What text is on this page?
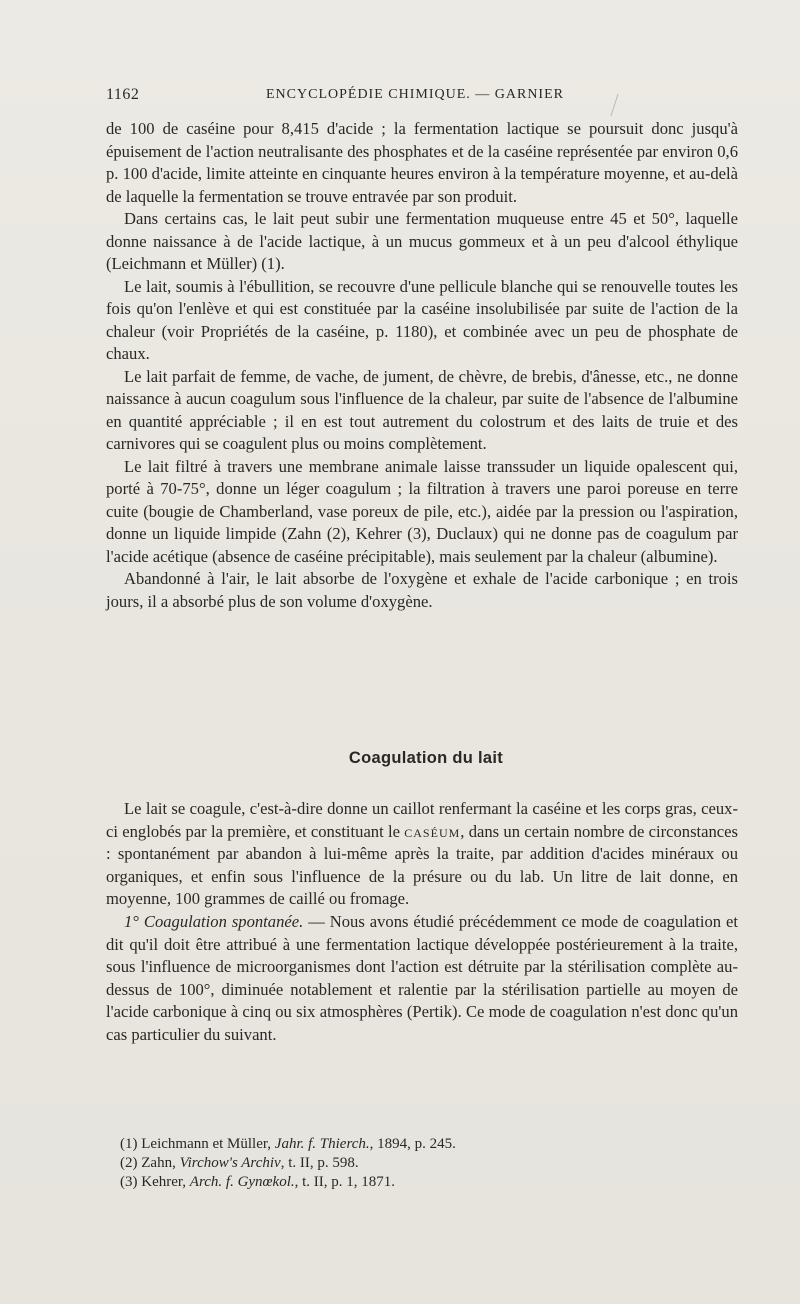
1162	ENCYCLOPÉDIE CHIMIQUE. — GARNIER

de 100 de caséine pour 8,415 d'acide ; la fermentation lactique se poursuit donc jusqu'à épuisement de l'action neutralisante des phosphates et de la caséine représentée par environ 0,6 p. 100 d'acide, limite atteinte en cinquante heures environ à la température moyenne, et au-delà de laquelle la fermentation se trouve entravée par son produit.

Dans certains cas, le lait peut subir une fermentation muqueuse entre 45 et 50°, laquelle donne naissance à de l'acide lactique, à un mucus gommeux et à un peu d'alcool éthylique (Leichmann et Müller) (1).

Le lait, soumis à l'ébullition, se recouvre d'une pellicule blanche qui se renouvelle toutes les fois qu'on l'enlève et qui est constituée par la caséine insolubilisée par suite de l'action de la chaleur (voir Propriétés de la caséine, p. 1180), et combinée avec un peu de phosphate de chaux.

Le lait parfait de femme, de vache, de jument, de chèvre, de brebis, d'ânesse, etc., ne donne naissance à aucun coagulum sous l'influence de la chaleur, par suite de l'absence de l'albumine en quantité appréciable ; il en est tout autrement du colostrum et des laits de truie et des carnivores qui se coagulent plus ou moins complètement.

Le lait filtré à travers une membrane animale laisse transsuder un liquide opalescent qui, porté à 70-75°, donne un léger coagulum ; la filtration à travers une paroi poreuse en terre cuite (bougie de Chamberland, vase poreux de pile, etc.), aidée par la pression ou l'aspiration, donne un liquide limpide (Zahn (2), Kehrer (3), Duclaux) qui ne donne pas de coagulum par l'acide acétique (absence de caséine précipitable), mais seulement par la chaleur (albumine).

Abandonné à l'air, le lait absorbe de l'oxygène et exhale de l'acide carbonique ; en trois jours, il a absorbé plus de son volume d'oxygène.

Coagulation du lait

Le lait se coagule, c'est-à-dire donne un caillot renfermant la caséine et les corps gras, ceux-ci englobés par la première, et constituant le caséum, dans un certain nombre de circonstances : spontanément par abandon à lui-même après la traite, par addition d'acides minéraux ou organiques, et enfin sous l'influence de la présure ou du lab. Un litre de lait donne, en moyenne, 100 grammes de caillé ou fromage.

1° Coagulation spontanée. — Nous avons étudié précédemment ce mode de coagulation et dit qu'il doit être attribué à une fermentation lactique développée postérieurement à la traite, sous l'influence de microorganismes dont l'action est détruite par la stérilisation complète au-dessus de 100°, diminuée notablement et ralentie par la stérilisation partielle au moyen de l'acide carbonique à cinq ou six atmosphères (Pertik). Ce mode de coagulation n'est donc qu'un cas particulier du suivant.

(1) Leichmann et Müller, Jahr. f. Thierch., 1894, p. 245.
(2) Zahn, Virchow's Archiv, t. II, p. 598.
(3) Kehrer, Arch. f. Gynœkol., t. II, p. 1, 1871.
